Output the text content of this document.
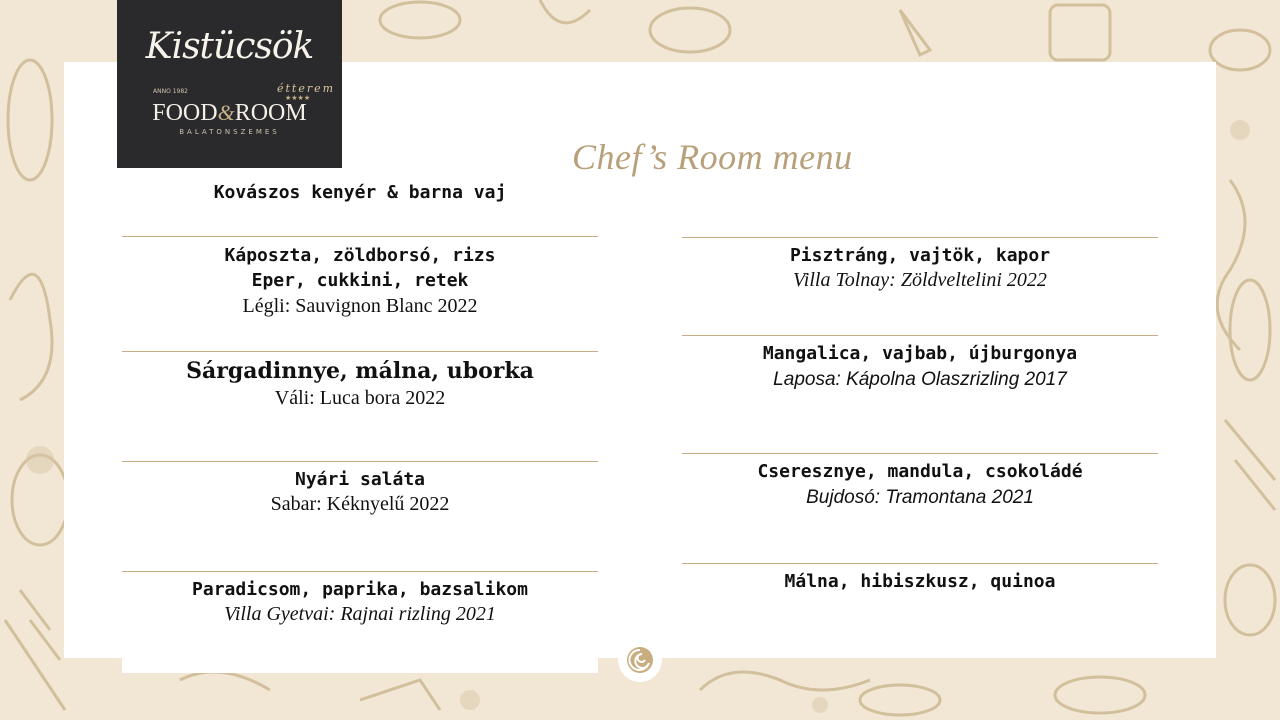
Kistücsök
ANNO 1982	étterem
★★★★
FOOD&ROOM
BALATONSZEMES
Chef’s Room menu
Kovászos kenyér & barna vaj
Káposzta, zöldborsó, rizs
Eper, cukkini, retek
Légli: Sauvignon Blanc 2022
Sárgadinnye, málna, uborka
Váli: Luca bora 2022
Nyári saláta
Sabar: Kéknyelű 2022
Paradicsom, paprika, bazsalikom
Villa Gyetvai: Rajnai rizling 2021
Pisztráng, vajtök, kapor
Villa Tolnay: Zöldveltelini 2022
Mangalica, vajbab, újburgonya
Laposa: Kápolna Olaszrizling 2017
Cseresznye, mandula, csokoládé
Bujdosó: Tramontana 2021
Málna, hibiszkusz, quinoa
